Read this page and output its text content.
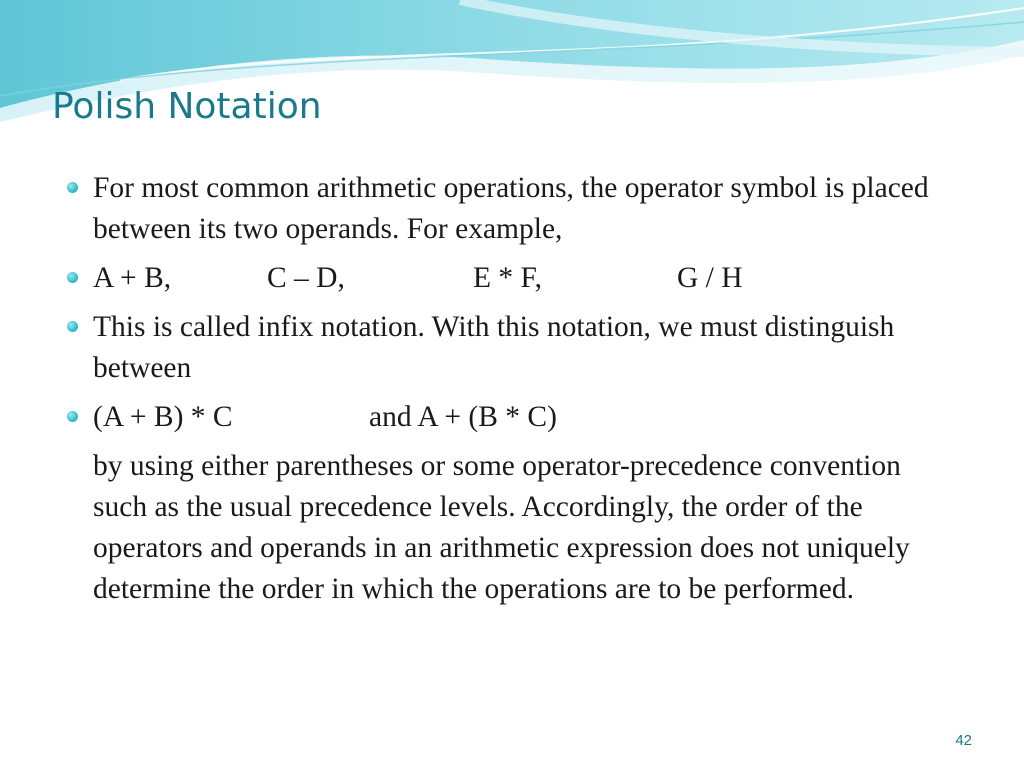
Polish Notation
For most common arithmetic operations, the operator symbol is placed between its two operands. For example,
A + B,	C – D,	E * F,	G / H
This is called infix notation. With this notation, we must distinguish between
(A + B) * C	and A + (B * C)
by using either parentheses or some operator-precedence convention such as the usual precedence levels. Accordingly, the order of the operators and operands in an arithmetic expression does not uniquely determine the order in which the operations are to be performed.
42
